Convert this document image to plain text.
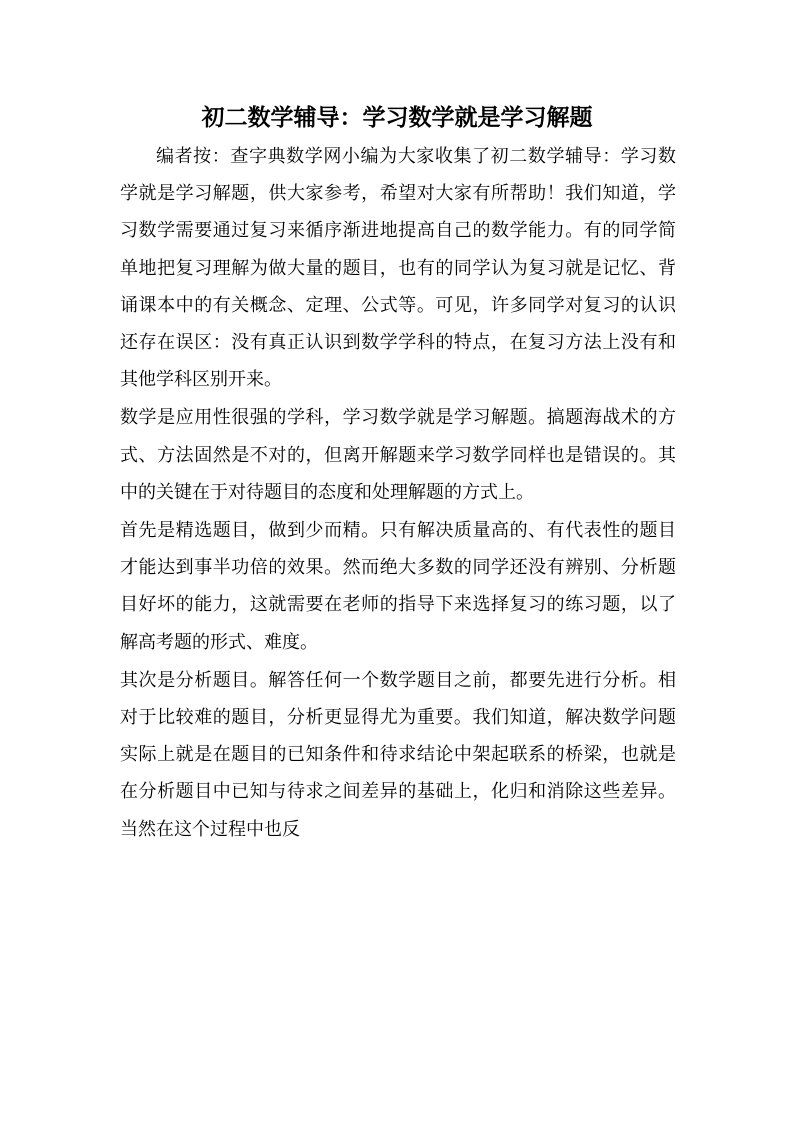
初二数学辅导：学习数学就是学习解题

编者按：查字典数学网小编为大家收集了初二数学辅导：学习数学就是学习解题，供大家参考，希望对大家有所帮助！我们知道，学习数学需要通过复习来循序渐进地提高自己的数学能力。有的同学简单地把复习理解为做大量的题目，也有的同学认为复习就是记忆、背诵课本中的有关概念、定理、公式等。可见，许多同学对复习的认识还存在误区：没有真正认识到数学学科的特点，在复习方法上没有和其他学科区别开来。

数学是应用性很强的学科，学习数学就是学习解题。搞题海战术的方式、方法固然是不对的，但离开解题来学习数学同样也是错误的。其中的关键在于对待题目的态度和处理解题的方式上。

首先是精选题目，做到少而精。只有解决质量高的、有代表性的题目才能达到事半功倍的效果。然而绝大多数的同学还没有辨别、分析题目好坏的能力，这就需要在老师的指导下来选择复习的练习题，以了解高考题的形式、难度。

其次是分析题目。解答任何一个数学题目之前，都要先进行分析。相对于比较难的题目，分析更显得尤为重要。我们知道，解决数学问题实际上就是在题目的已知条件和待求结论中架起联系的桥梁，也就是在分析题目中已知与待求之间差异的基础上，化归和消除这些差异。当然在这个过程中也反
